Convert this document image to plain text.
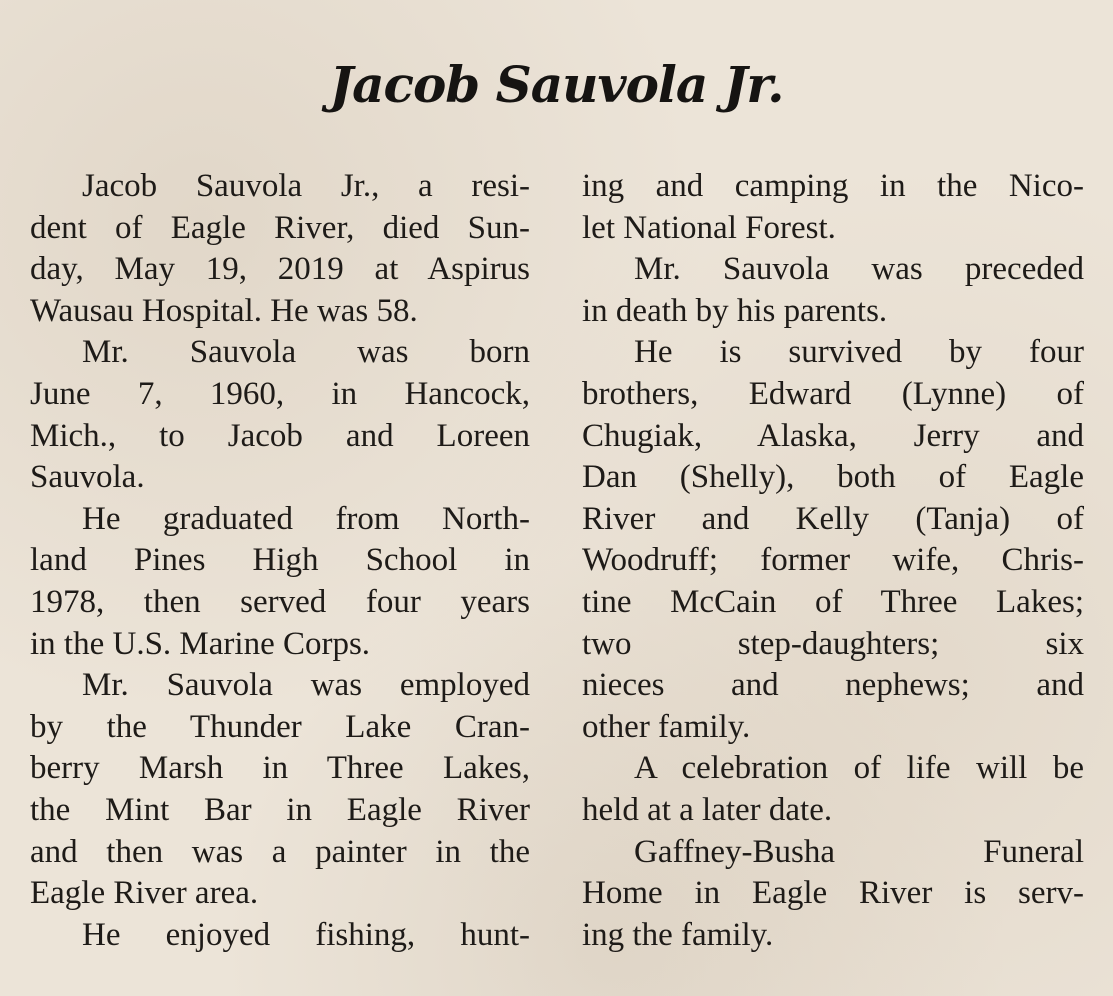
Jacob Sauvola Jr.
Jacob Sauvola Jr., a resi-
dent of Eagle River, died Sun-
day, May 19, 2019 at Aspirus
Wausau Hospital. He was 58.
Mr. Sauvola was born
June 7, 1960, in Hancock,
Mich., to Jacob and Loreen
Sauvola.
He graduated from North-
land Pines High School in
1978, then served four years
in the U.S. Marine Corps.
Mr. Sauvola was employed
by the Thunder Lake Cran-
berry Marsh in Three Lakes,
the Mint Bar in Eagle River
and then was a painter in the
Eagle River area.
He enjoyed fishing, hunt-
ing and camping in the Nico-
let National Forest.
Mr. Sauvola was preceded
in death by his parents.
He is survived by four
brothers, Edward (Lynne) of
Chugiak, Alaska, Jerry and
Dan (Shelly), both of Eagle
River and Kelly (Tanja) of
Woodruff; former wife, Chris-
tine McCain of Three Lakes;
two step-daughters; six
nieces and nephews; and
other family.
A celebration of life will be
held at a later date.
Gaffney-Busha Funeral
Home in Eagle River is serv-
ing the family.
